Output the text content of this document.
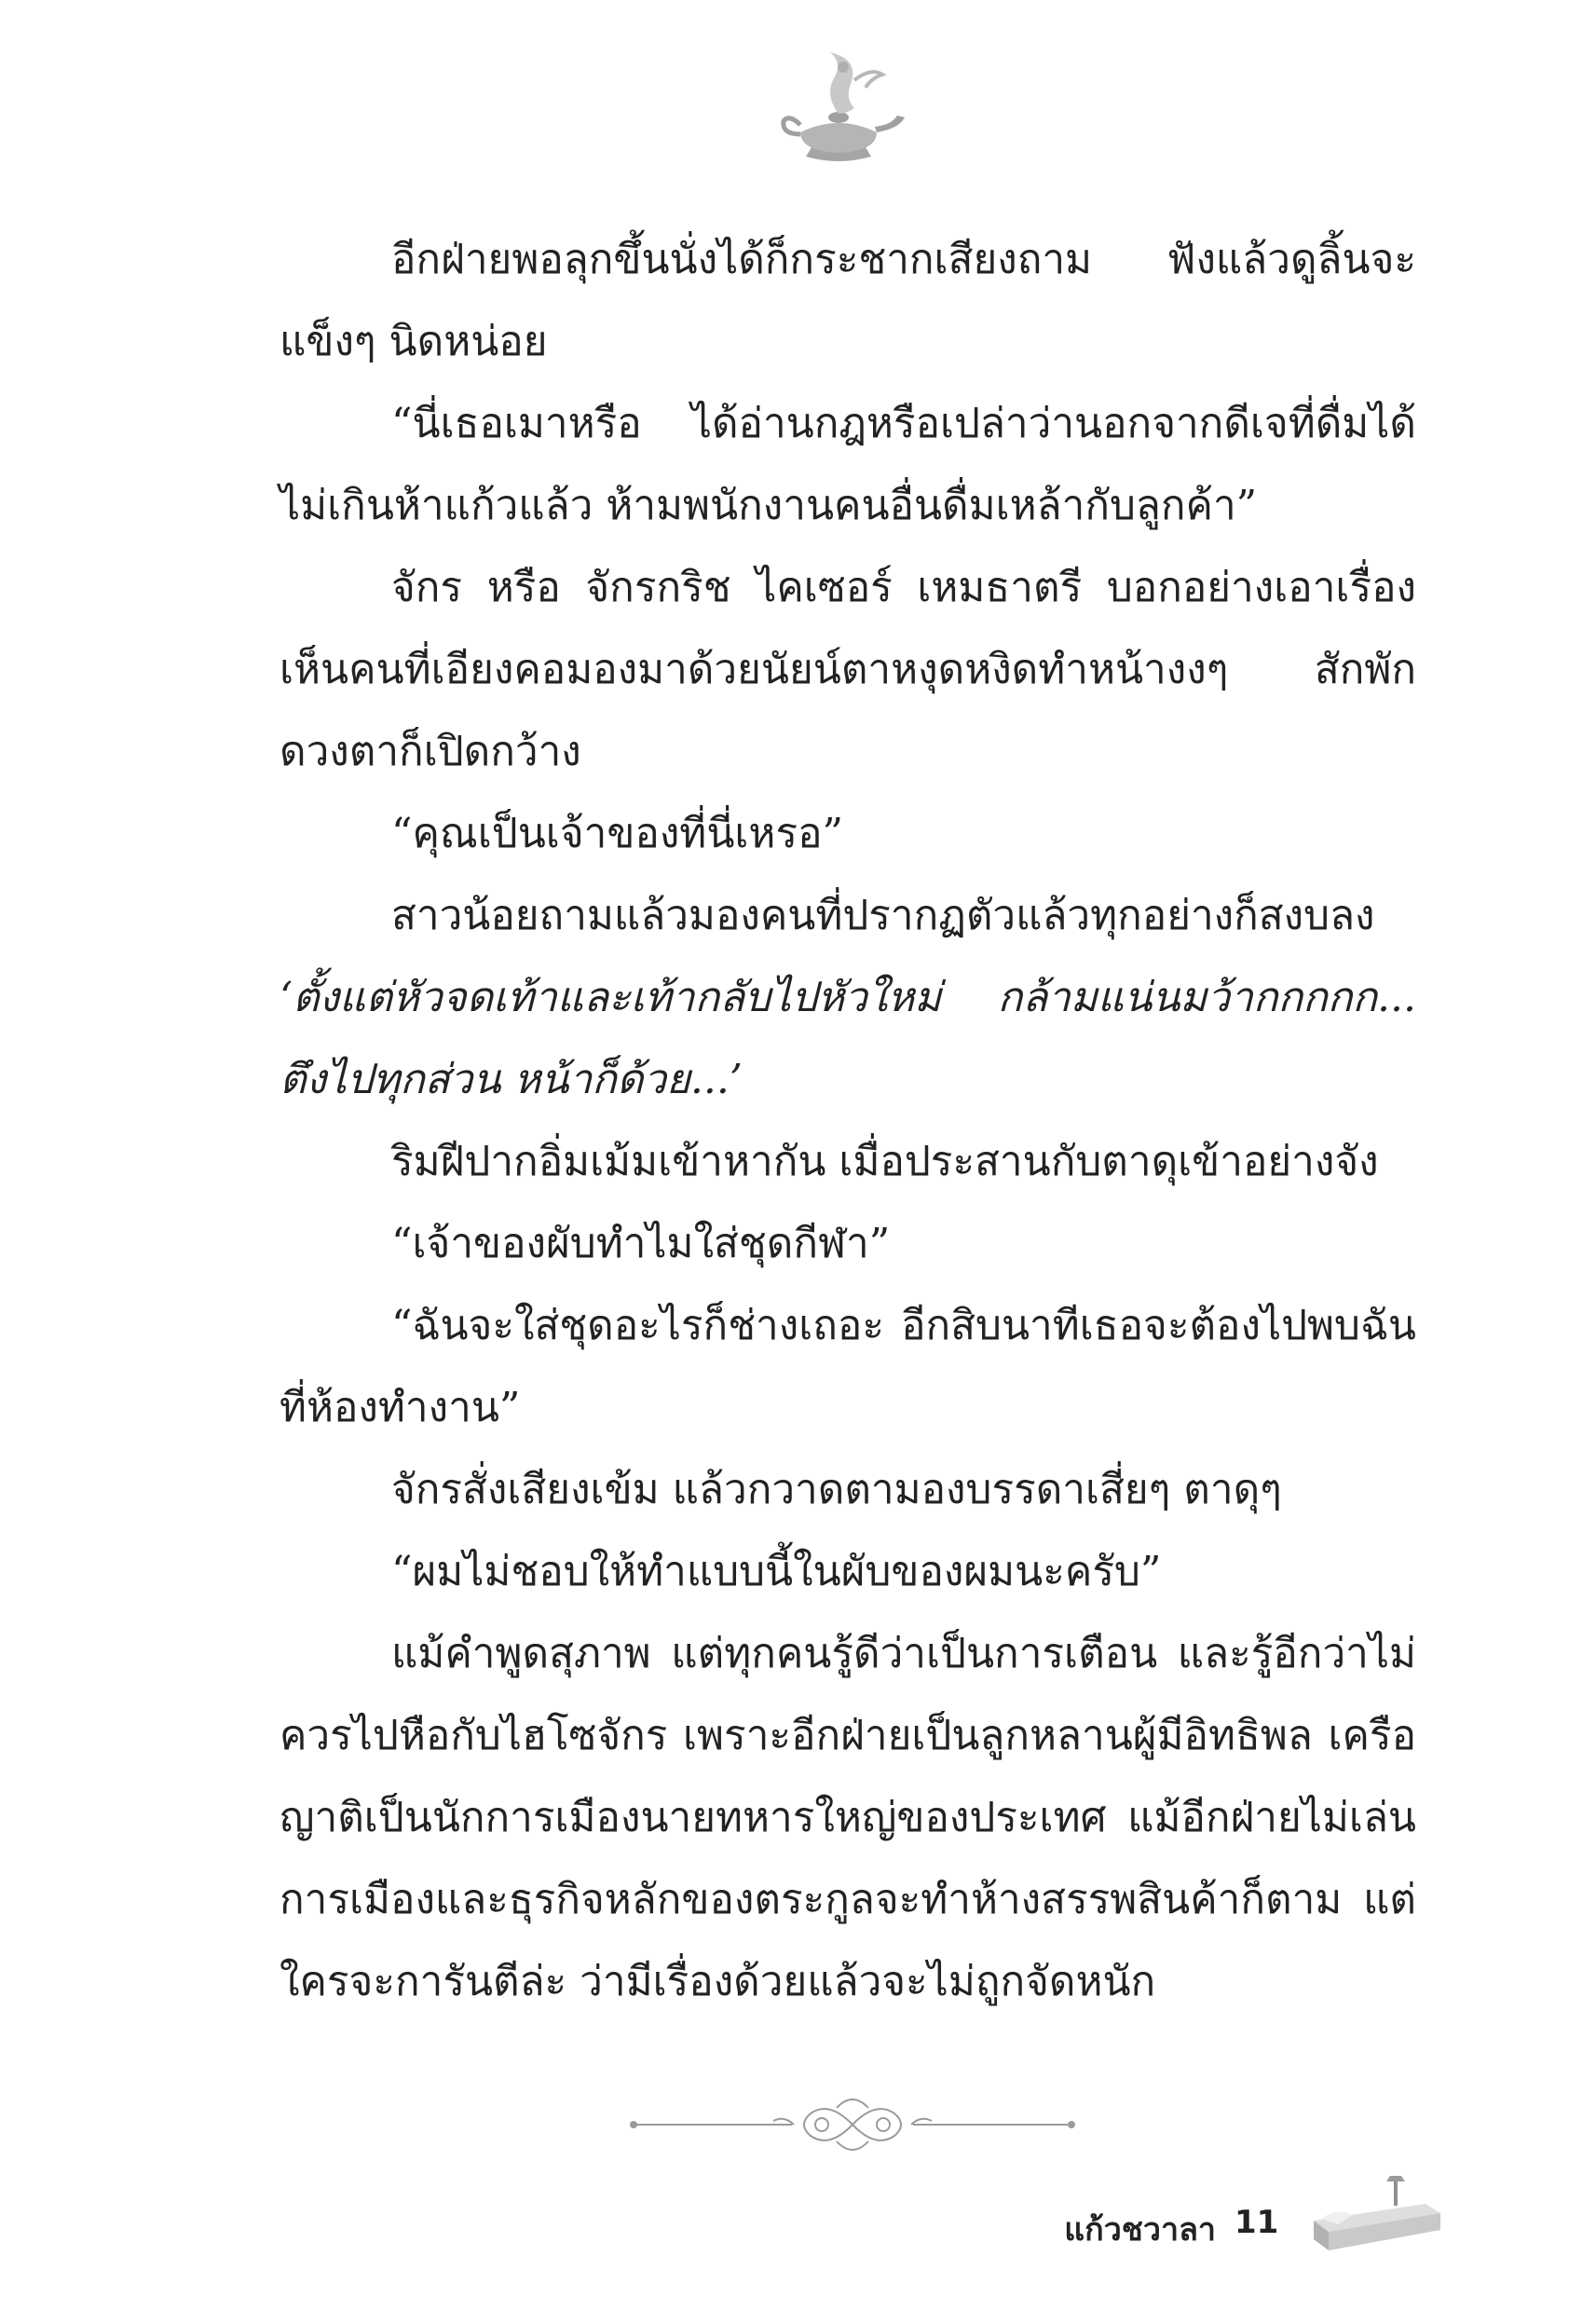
อีกฝ่ายพอลุกขึ้นนั่งได้ก็กระชากเสียงถาม ฟังแล้วดูลิ้นจะแข็งๆ นิดหน่อย

“นี่เธอเมาหรือ ได้อ่านกฎหรือเปล่าว่านอกจากดีเจที่ดื่มได้ไม่เกินห้าแก้วแล้ว ห้ามพนักงานคนอื่นดื่มเหล้ากับลูกค้า”

จักร หรือ จักรกริช ไคเซอร์ เหมธาตรี บอกอย่างเอาเรื่อง เห็นคนที่เอียงคอมองมาด้วยนัยน์ตาหงุดหงิดทำหน้างงๆ สักพักดวงตาก็เปิดกว้าง

“คุณเป็นเจ้าของที่นี่เหรอ”

สาวน้อยถามแล้วมองคนที่ปรากฏตัวแล้วทุกอย่างก็สงบลง

‘ตั้งแต่หัวจดเท้าและเท้ากลับไปหัวใหม่ กล้ามแน่นมว้ากกกกก... ตึงไปทุกส่วน หน้าก็ด้วย...’

ริมฝีปากอิ่มเม้มเข้าหากัน เมื่อประสานกับตาดุเข้าอย่างจัง

“เจ้าของผับทำไมใส่ชุดกีฬา”

“ฉันจะใส่ชุดอะไรก็ช่างเถอะ อีกสิบนาทีเธอจะต้องไปพบฉันที่ห้องทำงาน”

จักรสั่งเสียงเข้ม แล้วกวาดตามองบรรดาเสี่ยๆ ตาดุๆ

“ผมไม่ชอบให้ทำแบบนี้ในผับของผมนะครับ”

แม้คำพูดสุภาพ แต่ทุกคนรู้ดีว่าเป็นการเตือน และรู้อีกว่าไม่ควรไปหือกับไฮโซจักร เพราะอีกฝ่ายเป็นลูกหลานผู้มีอิทธิพล เครือญาติเป็นนักการเมืองนายทหารใหญ่ของประเทศ แม้อีกฝ่ายไม่เล่นการเมืองและธุรกิจหลักของตระกูลจะทำห้างสรรพสินค้าก็ตาม แต่ใครจะการันตีล่ะ ว่ามีเรื่องด้วยแล้วจะไม่ถูกจัดหนัก

แก้วชวาลา 11
